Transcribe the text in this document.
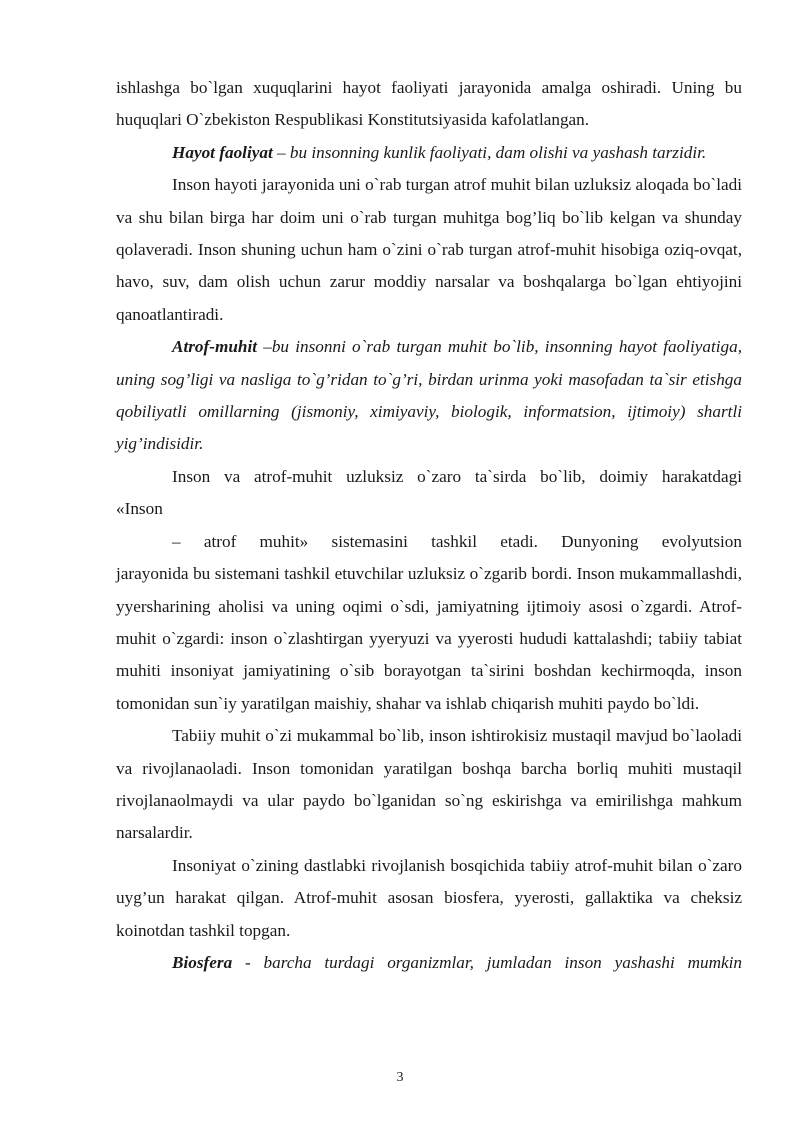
ishlashga bo`lgan xuquqlarini hayot faoliyati jarayonida amalga oshiradi. Uning bu huquqlari O`zbekiston Respublikasi Konstitutsiyasida kafolatlangan.

Hayot faoliyat – bu insonning kunlik faoliyati, dam olishi va yashash tarzidir.

Inson hayoti jarayonida uni o`rab turgan atrof muhit bilan uzluksiz aloqada bo`ladi va shu bilan birga har doim uni o`rab turgan muhitga bog’liq bo`lib kelgan va shunday qolaveradi. Inson shuning uchun ham o`zini o`rab turgan atrof-muhit hisobiga oziq-ovqat, havo, suv, dam olish uchun zarur moddiy narsalar va boshqalarga bo`lgan ehtiyojini qanoatlantiradi.

Atrof-muhit –bu insonni o`rab turgan muhit bo`lib, insonning hayot faoliyatiga, uning sog’ligi va nasliga to`g’ridan to`g’ri, birdan urinma yoki masofadan ta`sir etishga qobiliyatli omillarning (jismoniy, ximiyaviy, biologik, informatsion, ijtimoiy) shartli yig’indisidir.

Inson va atrof-muhit uzluksiz o`zaro ta`sirda bo`lib, doimiy harakatdagi

«Inson

– atrof muhit» sistemasini tashkil etadi. Dunyoning evolyutsion

jarayonida bu sistemani tashkil etuvchilar uzluksiz o`zgarib bordi. Inson mukammallashdi, yyersharining aholisi va uning oqimi o`sdi, jamiyatning ijtimoiy asosi o`zgardi. Atrof-muhit o`zgardi: inson o`zlashtirgan yyeryuzi va yyerosti hududi kattalashdi; tabiiy tabiat muhiti insoniyat jamiyatining o`sib borayotgan ta`sirini boshdan kechirmoqda, inson tomonidan sun`iy yaratilgan maishiy, shahar va ishlab chiqarish muhiti paydo bo`ldi.

Tabiiy muhit o`zi mukammal bo`lib, inson ishtirokisiz mustaqil mavjud bo`laoladi va rivojlanaoladi. Inson tomonidan yaratilgan boshqa barcha borliq muhiti mustaqil rivojlanaolmaydi va ular paydo bo`lganidan so`ng eskirishga va emirilishga mahkum narsalardir.

Insoniyat o`zining dastlabki rivojlanish bosqichida tabiiy atrof-muhit bilan o`zaro uyg’un harakat qilgan. Atrof-muhit asosan biosfera, yyerosti, gallaktika va cheksiz koinotdan tashkil topgan.

Biosfera - barcha turdagi organizmlar, jumladan inson yashashi mumkin

3
